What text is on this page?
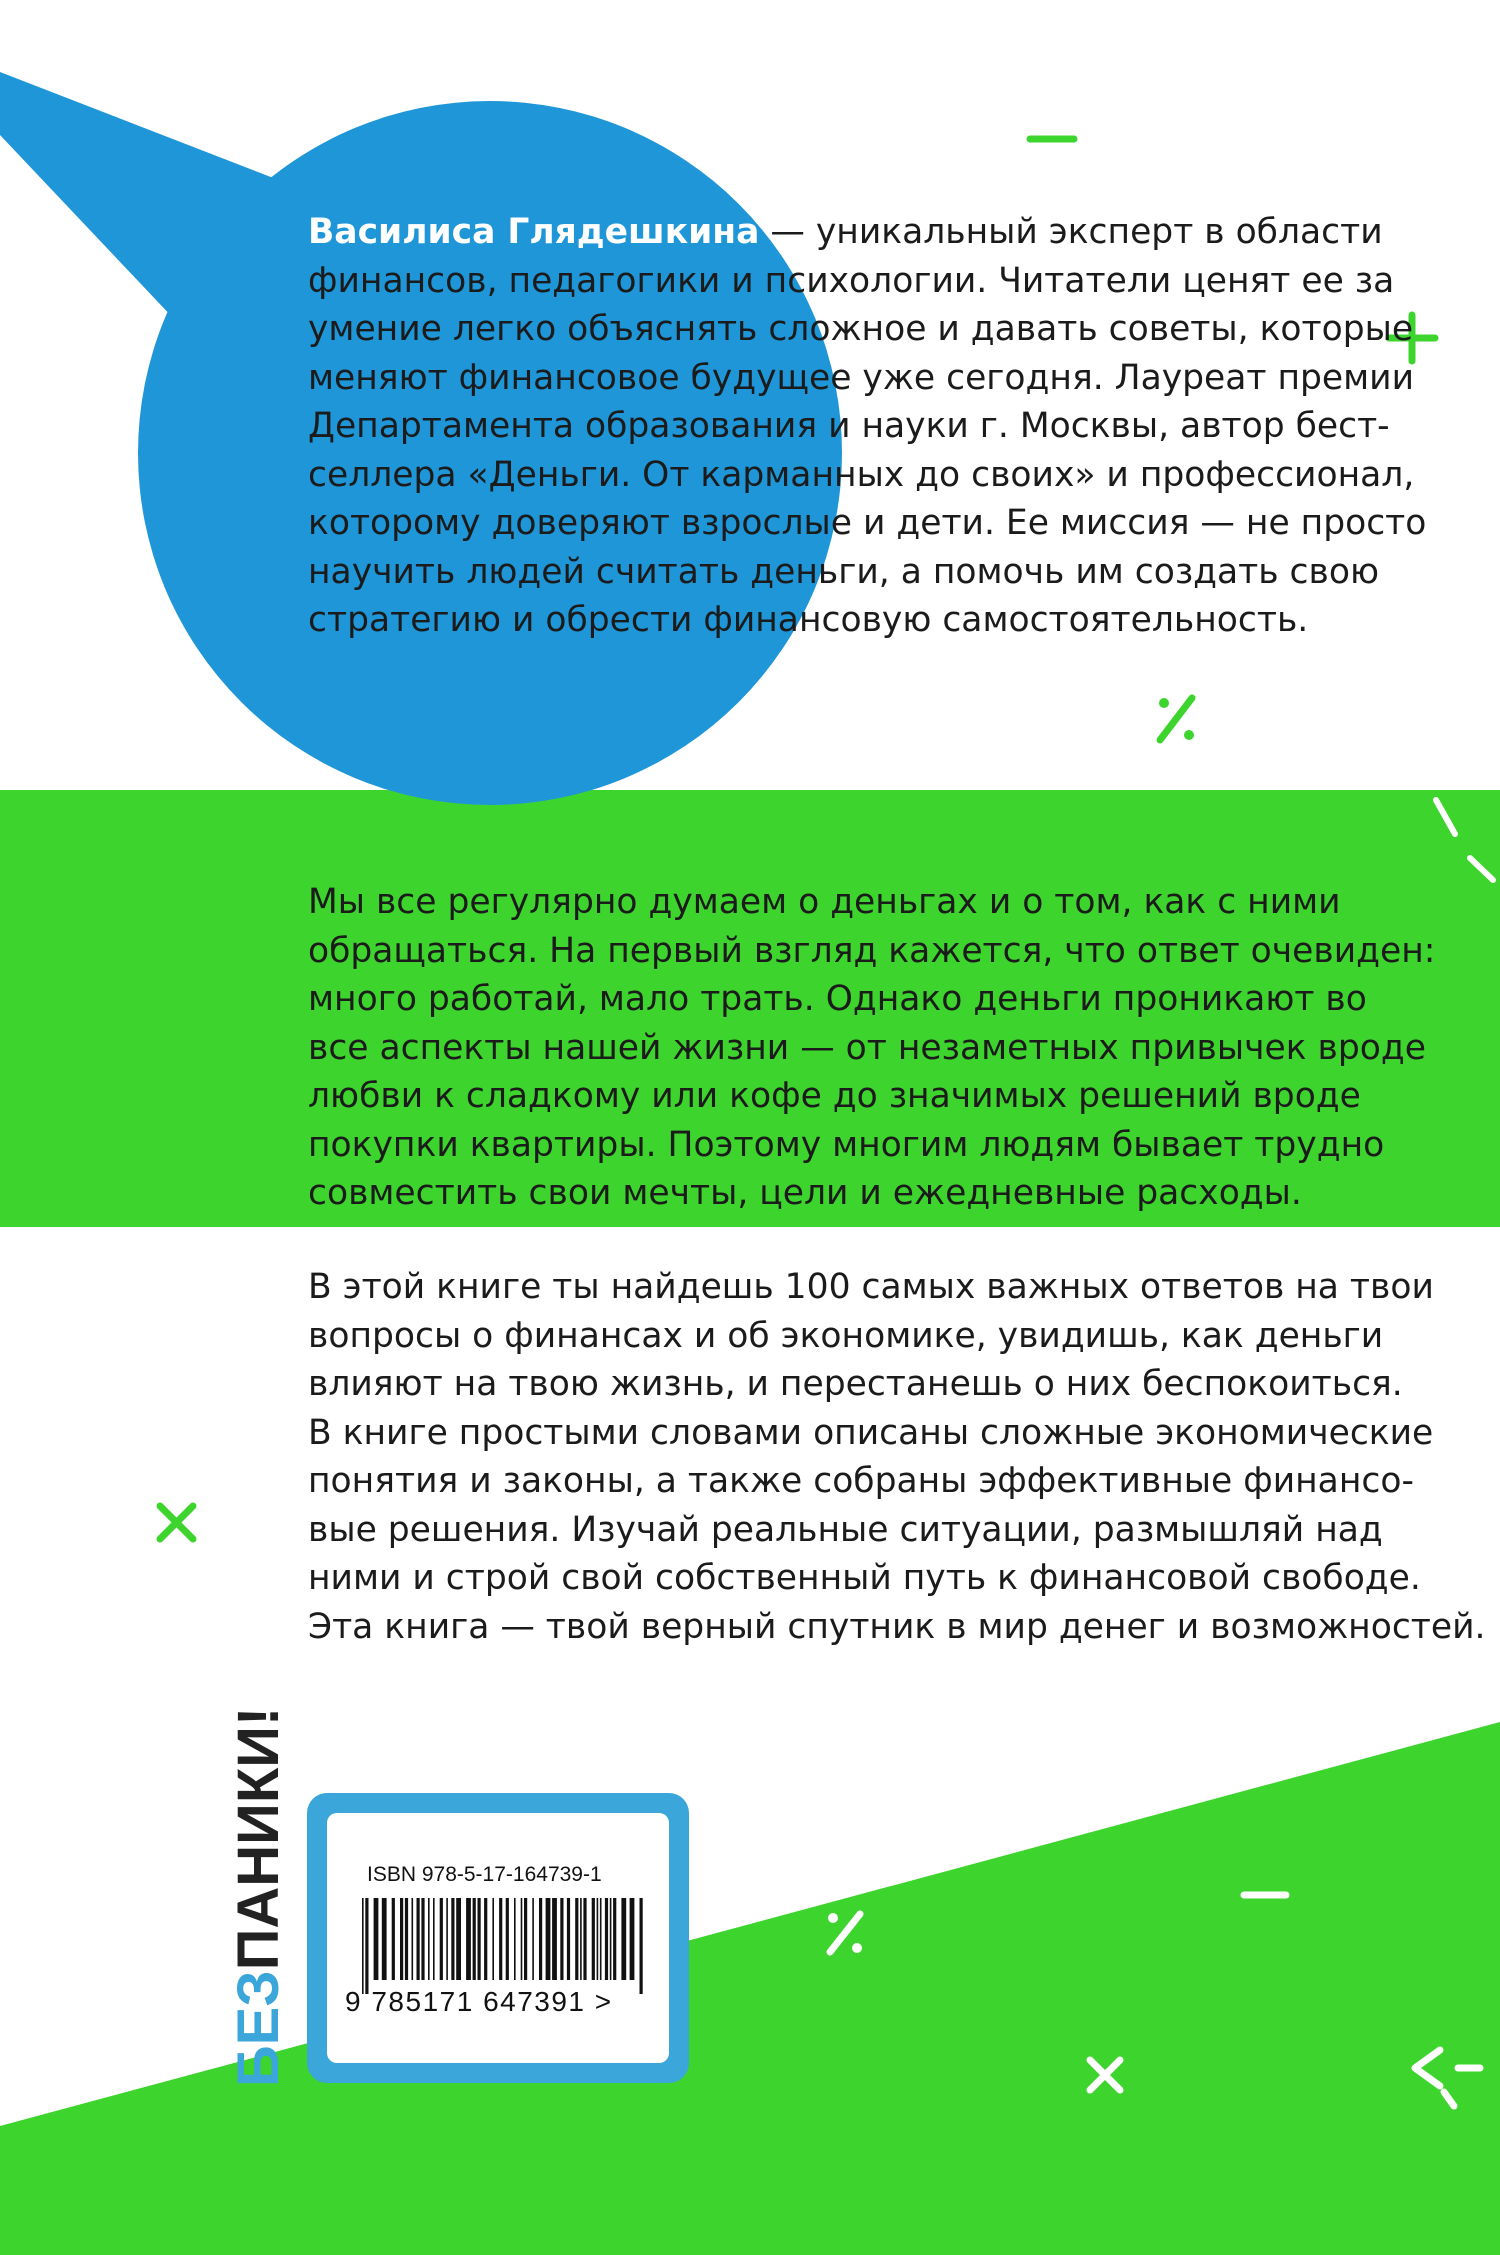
Василиса Глядешкина — уникальный эксперт в области
финансов, педагогики и психологии. Читатели ценят ее за
умение легко объяснять сложное и давать советы, которые
меняют финансовое будущее уже сегодня. Лауреат премии
Департамента образования и науки г. Москвы, автор бест-
селлера «Деньги. От карманных до своих» и профессионал,
которому доверяют взрослые и дети. Ее миссия — не просто
научить людей считать деньги, а помочь им создать свою
стратегию и обрести финансовую самостоятельность.

Мы все регулярно думаем о деньгах и о том, как с ними
обращаться. На первый взгляд кажется, что ответ очевиден:
много работай, мало трать. Однако деньги проникают во
все аспекты нашей жизни — от незаметных привычек вроде
любви к сладкому или кофе до значимых решений вроде
покупки квартиры. Поэтому многим людям бывает трудно
совместить свои мечты, цели и ежедневные расходы.

В этой книге ты найдешь 100 самых важных ответов на твои
вопросы о финансах и об экономике, увидишь, как деньги
влияют на твою жизнь, и перестанешь о них беспокоиться.
В книге простыми словами описаны сложные экономические
понятия и законы, а также собраны эффективные финансо-
вые решения. Изучай реальные ситуации, размышляй над
ними и строй свой собственный путь к финансовой свободе.
Эта книга — твой верный спутник в мир денег и возможностей.

БЕЗПАНИКИ!	ISBN 978-5-17-164739-1

9 785171 647391 >
